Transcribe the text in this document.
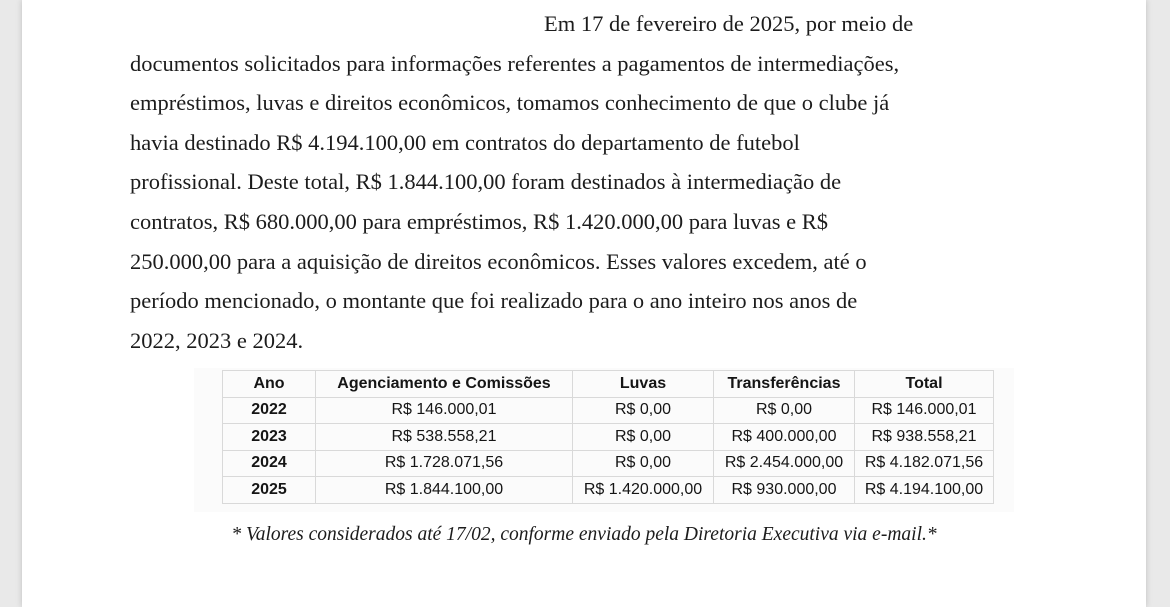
Em 17 de fevereiro de 2025, por meio de
documentos solicitados para informações referentes a pagamentos de intermediações,
empréstimos, luvas e direitos econômicos, tomamos conhecimento de que o clube já
havia destinado R$ 4.194.100,00 em contratos do departamento de futebol
profissional. Deste total, R$ 1.844.100,00 foram destinados à intermediação de
contratos, R$ 680.000,00 para empréstimos, R$ 1.420.000,00 para luvas e R$
250.000,00 para a aquisição de direitos econômicos. Esses valores excedem, até o
período mencionado, o montante que foi realizado para o ano inteiro nos anos de
2022, 2023 e 2024.
Ano	Agenciamento e Comissões	Luvas	Transferências	Total
2022	R$ 146.000,01	R$ 0,00	R$ 0,00	R$ 146.000,01
2023	R$ 538.558,21	R$ 0,00	R$ 400.000,00	R$ 938.558,21
2024	R$ 1.728.071,56	R$ 0,00	R$ 2.454.000,00	R$ 4.182.071,56
2025	R$ 1.844.100,00	R$ 1.420.000,00	R$ 930.000,00	R$ 4.194.100,00
* Valores considerados até 17/02, conforme enviado pela Diretoria Executiva via e-mail.*
